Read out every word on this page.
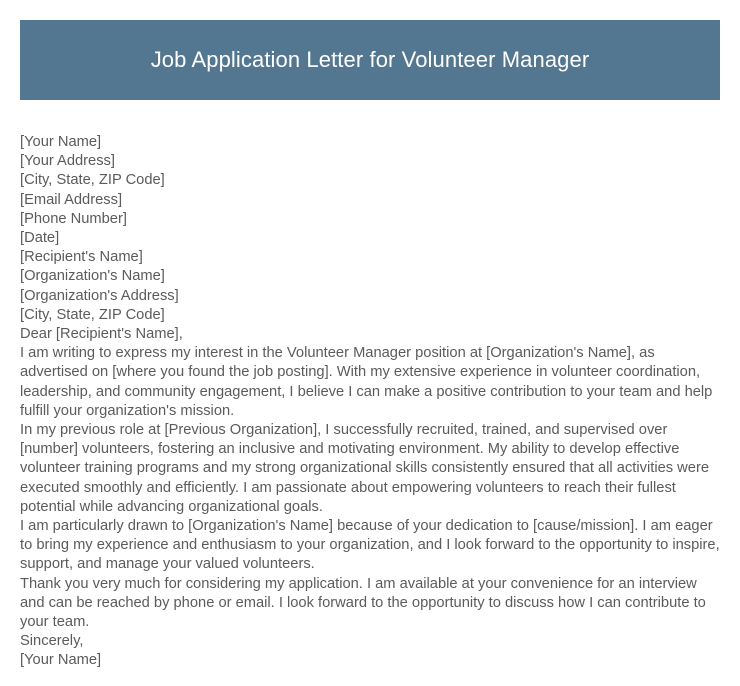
Job Application Letter for Volunteer Manager
[Your Name]
[Your Address]
[City, State, ZIP Code]
[Email Address]
[Phone Number]
[Date]
[Recipient's Name]
[Organization's Name]
[Organization's Address]
[City, State, ZIP Code]
Dear [Recipient's Name],

I am writing to express my interest in the Volunteer Manager position at [Organization's Name], as advertised on [where you found the job posting]. With my extensive experience in volunteer coordination, leadership, and community engagement, I believe I can make a positive contribution to your team and help fulfill your organization's mission.

In my previous role at [Previous Organization], I successfully recruited, trained, and supervised over [number] volunteers, fostering an inclusive and motivating environment. My ability to develop effective volunteer training programs and my strong organizational skills consistently ensured that all activities were executed smoothly and efficiently. I am passionate about empowering volunteers to reach their fullest potential while advancing organizational goals.

I am particularly drawn to [Organization's Name] because of your dedication to [cause/mission]. I am eager to bring my experience and enthusiasm to your organization, and I look forward to the opportunity to inspire, support, and manage your valued volunteers.

Thank you very much for considering my application. I am available at your convenience for an interview and can be reached by phone or email. I look forward to the opportunity to discuss how I can contribute to your team.

Sincerely,
[Your Name]
